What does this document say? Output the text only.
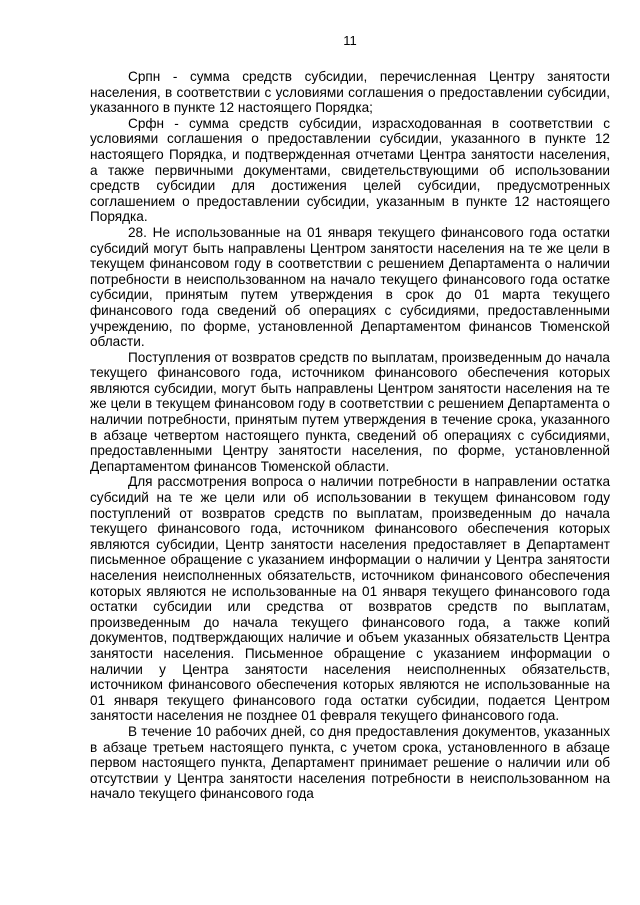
11

Српн - сумма средств субсидии, перечисленная Центру занятости населения, в соответствии с условиями соглашения о предоставлении субсидии, указанного в пункте 12 настоящего Порядка;

Срфн - сумма средств субсидии, израсходованная в соответствии с условиями соглашения о предоставлении субсидии, указанного в пункте 12 настоящего Порядка, и подтвержденная отчетами Центра занятости населения, а также первичными документами, свидетельствующими об использовании средств субсидии для достижения целей субсидии, предусмотренных соглашением о предоставлении субсидии, указанным в пункте 12 настоящего Порядка.

28. Не использованные на 01 января текущего финансового года остатки субсидий могут быть направлены Центром занятости населения на те же цели в текущем финансовом году в соответствии с решением Департамента о наличии потребности в неиспользованном на начало текущего финансового года остатке субсидии, принятым путем утверждения в срок до 01 марта текущего финансового года сведений об операциях с субсидиями, предоставленными учреждению, по форме, установленной Департаментом финансов Тюменской области.

Поступления от возвратов средств по выплатам, произведенным до начала текущего финансового года, источником финансового обеспечения которых являются субсидии, могут быть направлены Центром занятости населения на те же цели в текущем финансовом году в соответствии с решением Департамента о наличии потребности, принятым путем утверждения в течение срока, указанного в абзаце четвертом настоящего пункта, сведений об операциях с субсидиями, предоставленными Центру занятости населения, по форме, установленной Департаментом финансов Тюменской области.

Для рассмотрения вопроса о наличии потребности в направлении остатка субсидий на те же цели или об использовании в текущем финансовом году поступлений от возвратов средств по выплатам, произведенным до начала текущего финансового года, источником финансового обеспечения которых являются субсидии, Центр занятости населения предоставляет в Департамент письменное обращение с указанием информации о наличии у Центра занятости населения неисполненных обязательств, источником финансового обеспечения которых являются не использованные на 01 января текущего финансового года остатки субсидии или средства от возвратов средств по выплатам, произведенным до начала текущего финансового года, а также копий документов, подтверждающих наличие и объем указанных обязательств Центра занятости населения. Письменное обращение с указанием информации о наличии у Центра занятости населения неисполненных обязательств, источником финансового обеспечения которых являются не использованные на 01 января текущего финансового года остатки субсидии, подается Центром занятости населения не позднее 01 февраля текущего финансового года.

В течение 10 рабочих дней, со дня предоставления документов, указанных в абзаце третьем настоящего пункта, с учетом срока, установленного в абзаце первом настоящего пункта, Департамент принимает решение о наличии или об отсутствии у Центра занятости населения потребности в неиспользованном на начало текущего финансового года
